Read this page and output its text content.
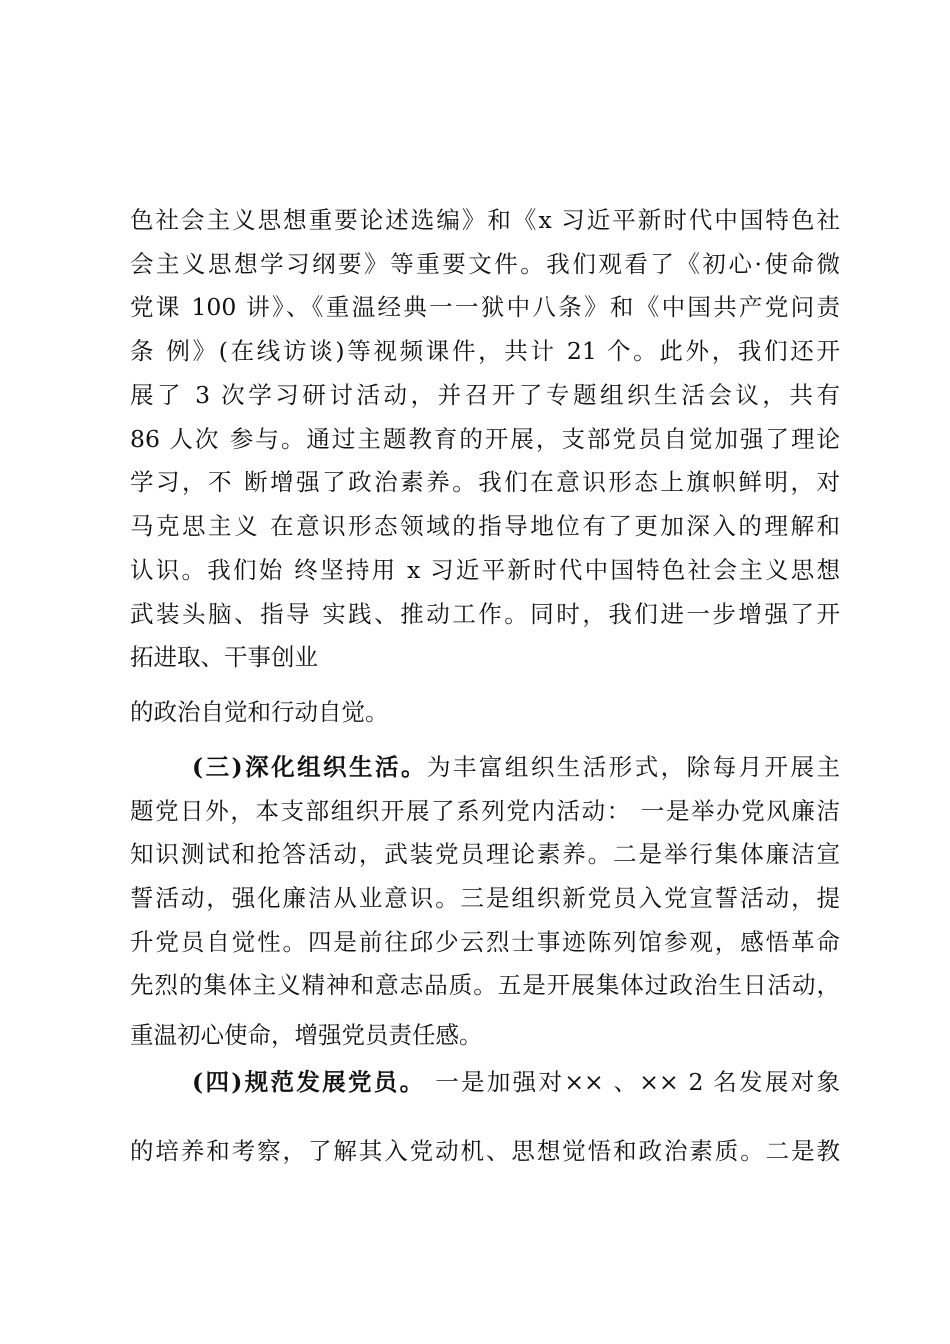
色社会主义思想重要论述选编》和《x 习近平新时代中国特色社
会主义思想学习纲要》等重要文件。我们观看了《初心·使命微
党课 100 讲》、《重温经典一一狱中八条》和《中国共产党问责
条 例》(在线访谈)等视频课件，共计 21 个。此外，我们还开
展了 3 次学习研讨活动，并召开了专题组织生活会议，共有
86 人次 参与。通过主题教育的开展，支部党员自觉加强了理论
学习，不 断增强了政治素养。我们在意识形态上旗帜鲜明，对
马克思主义 在意识形态领域的指导地位有了更加深入的理解和
认识。我们始 终坚持用 x 习近平新时代中国特色社会主义思想
武装头脑、指导 实践、推动工作。同时，我们进一步增强了开
拓进取、干事创业
的政治自觉和行动自觉。
(三)深化组织生活。为丰富组织生活形式，除每月开展主
题党日外，本支部组织开展了系列党内活动： 一是举办党风廉洁
知识测试和抢答活动，武装党员理论素养。二是举行集体廉洁宣
誓活动，强化廉洁从业意识。三是组织新党员入党宣誓活动，提
升党员自觉性。四是前往邱少云烈士事迹陈列馆参观，感悟革命
先烈的集体主义精神和意志品质。五是开展集体过政治生日活动，
重温初心使命，增强党员责任感。
(四)规范发展党员。 一是加强对×× 、×× 2 名发展对象
的培养和考察，了解其入党动机、思想觉悟和政治素质。二是教
